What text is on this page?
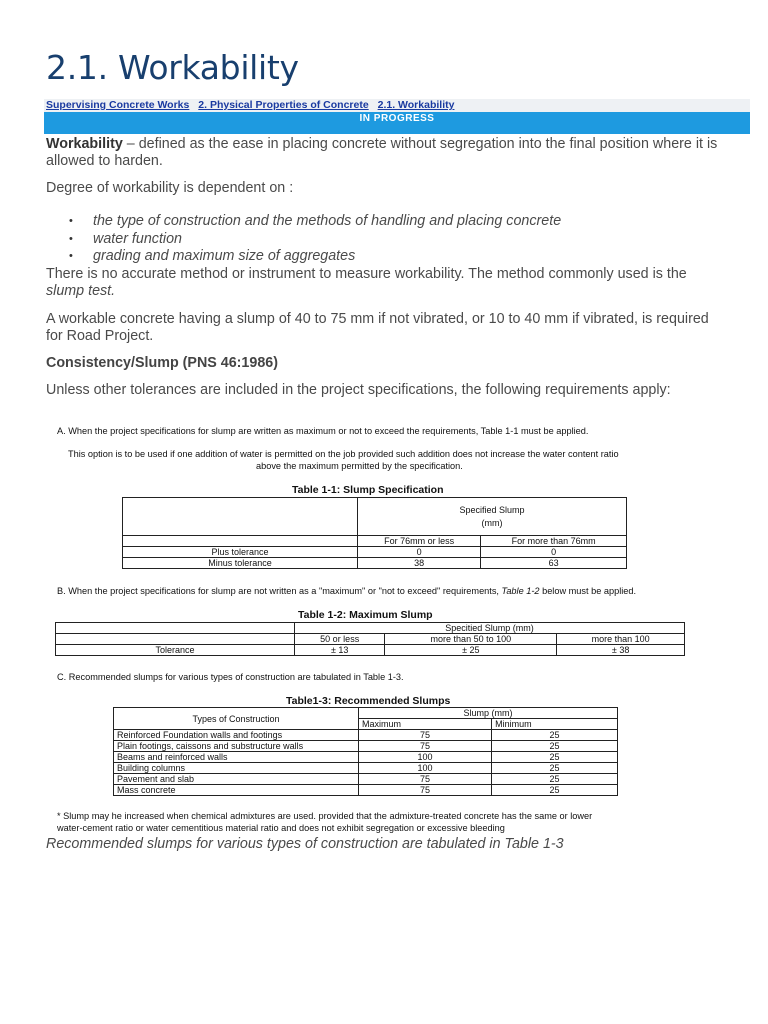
2.1. Workability
Supervising Concrete Works 2. Physical Properties of Concrete 2.1. Workability
IN PROGRESS

Workability – defined as the ease in placing concrete without segregation into the final position where it is allowed to harden.

Degree of workability is dependent on :

• the type of construction and the methods of handling and placing concrete
• water function
• grading and maximum size of aggregates

There is no accurate method or instrument to measure workability. The method commonly used is the slump test.

A workable concrete having a slump of 40 to 75 mm if not vibrated, or 10 to 40 mm if vibrated, is required for Road Project.

Consistency/Slump (PNS 46:1986)

Unless other tolerances are included in the project specifications, the following requirements apply:

A. When the project specifications for slump are written as maximum or not to exceed the requirements, Table 1-1 must be applied.
This option is to be used if one addition of water is permitted on the job provided such addition does not increase the water content ratio
above the maximum permitted by the specification.
Table 1-1: Slump Specification
	Specified Slump
(mm)	
	For 76mm or less	For more than 76mm
Plus tolerance	0	0
Minus tolerance	38	63
B. When the project specifications for slump are not written as a "maximum" or "not to exceed" requirements, Table 1-2 below must be applied.
Table 1-2: Maximum Slump
	Specitied Slump (mm)		
	50 or less	more than 50 to 100	more than 100
Tolerance	± 13	± 25	± 38
C. Recommended slumps for various types of construction are tabulated in Table 1-3.
Table1-3: Recommended Slumps
Types of Construction	Slump (mm)	
	Maximum	Minimum
Reinforced Foundation walls and footings	75	25
Plain footings, caissons and substructure walls	75	25
Beams and reinforced walls	100	25
Building columns	100	25
Pavement and slab	75	25
Mass concrete	75	25
* Slump may he increased when chemical admixtures are used. provided that the admixture-treated concrete has the same or lower
water-cement ratio or water cementitious material ratio and does not exhibit segregation or excessive bleeding

Recommended slumps for various types of construction are tabulated in Table 1-3
